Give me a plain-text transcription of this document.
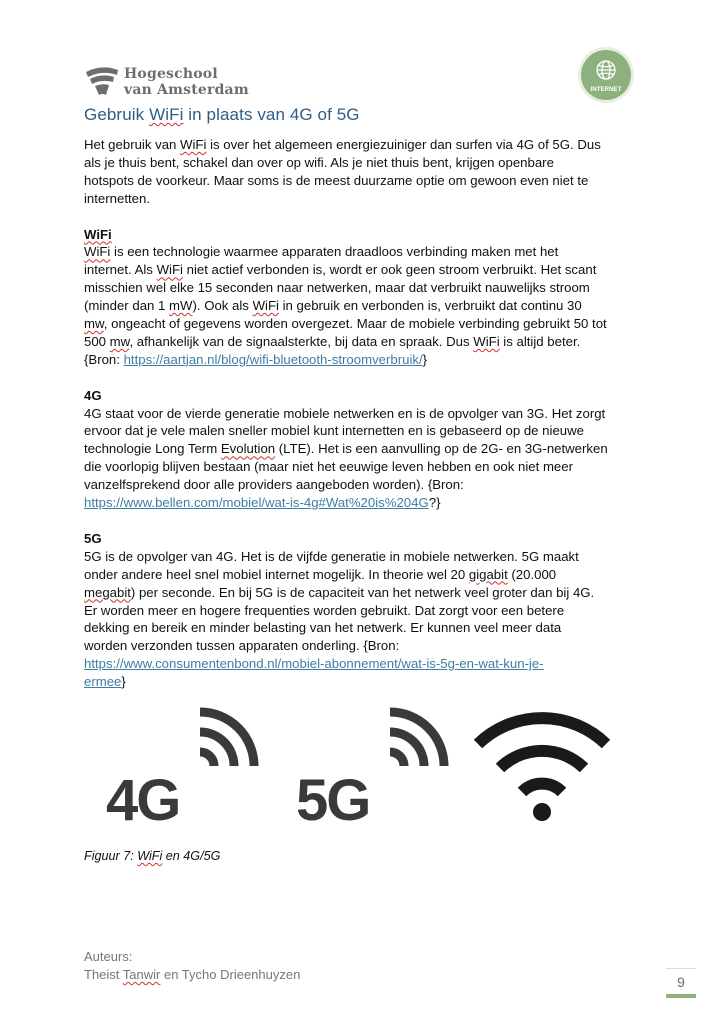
Hogeschool
van Amsterdam	INTERNET
Gebruik WiFi in plaats van 4G of 5G

Het gebruik van WiFi is over het algemeen energiezuiniger dan surfen via 4G of 5G. Dus

als je thuis bent, schakel dan over op wifi. Als je niet thuis bent, krijgen openbare

hotspots de voorkeur. Maar soms is de meest duurzame optie om gewoon even niet te

internetten.

WiFi

WiFi is een technologie waarmee apparaten draadloos verbinding maken met het

internet. Als WiFi niet actief verbonden is, wordt er ook geen stroom verbruikt. Het scant

misschien wel elke 15 seconden naar netwerken, maar dat verbruikt nauwelijks stroom

(minder dan 1 mW). Ook als WiFi in gebruik en verbonden is, verbruikt dat continu 30

mw, ongeacht of gegevens worden overgezet. Maar de mobiele verbinding gebruikt 50 tot

500 mw, afhankelijk van de signaalsterkte, bij data en spraak. Dus WiFi is altijd beter.

{Bron: https://aartjan.nl/blog/wifi-bluetooth-stroomverbruik/}

4G

4G staat voor de vierde generatie mobiele netwerken en is de opvolger van 3G. Het zorgt

ervoor dat je vele malen sneller mobiel kunt internetten en is gebaseerd op de nieuwe

technologie Long Term Evolution (LTE). Het is een aanvulling op de 2G- en 3G-netwerken

die voorlopig blijven bestaan (maar niet het eeuwige leven hebben en ook niet meer

vanzelfsprekend door alle providers aangeboden worden). {Bron:

https://www.bellen.com/mobiel/wat-is-4g#Wat%20is%204G?}

5G

5G is de opvolger van 4G. Het is de vijfde generatie in mobiele netwerken. 5G maakt

onder andere heel snel mobiel internet mogelijk. In theorie wel 20 gigabit (20.000

megabit) per seconde. En bij 5G is de capaciteit van het netwerk veel groter dan bij 4G.

Er worden meer en hogere frequenties worden gebruikt. Dat zorgt voor een betere

dekking en bereik en minder belasting van het netwerk. Er kunnen veel meer data

worden verzonden tussen apparaten onderling. {Bron:

https://www.consumentenbond.nl/mobiel-abonnement/wat-is-5g-en-wat-kun-je-

ermee}

4G 5G
Figuur 7: WiFi en 4G/5G
Auteurs:
Theist Tanwir en Tycho Drieenhuyzen	9
